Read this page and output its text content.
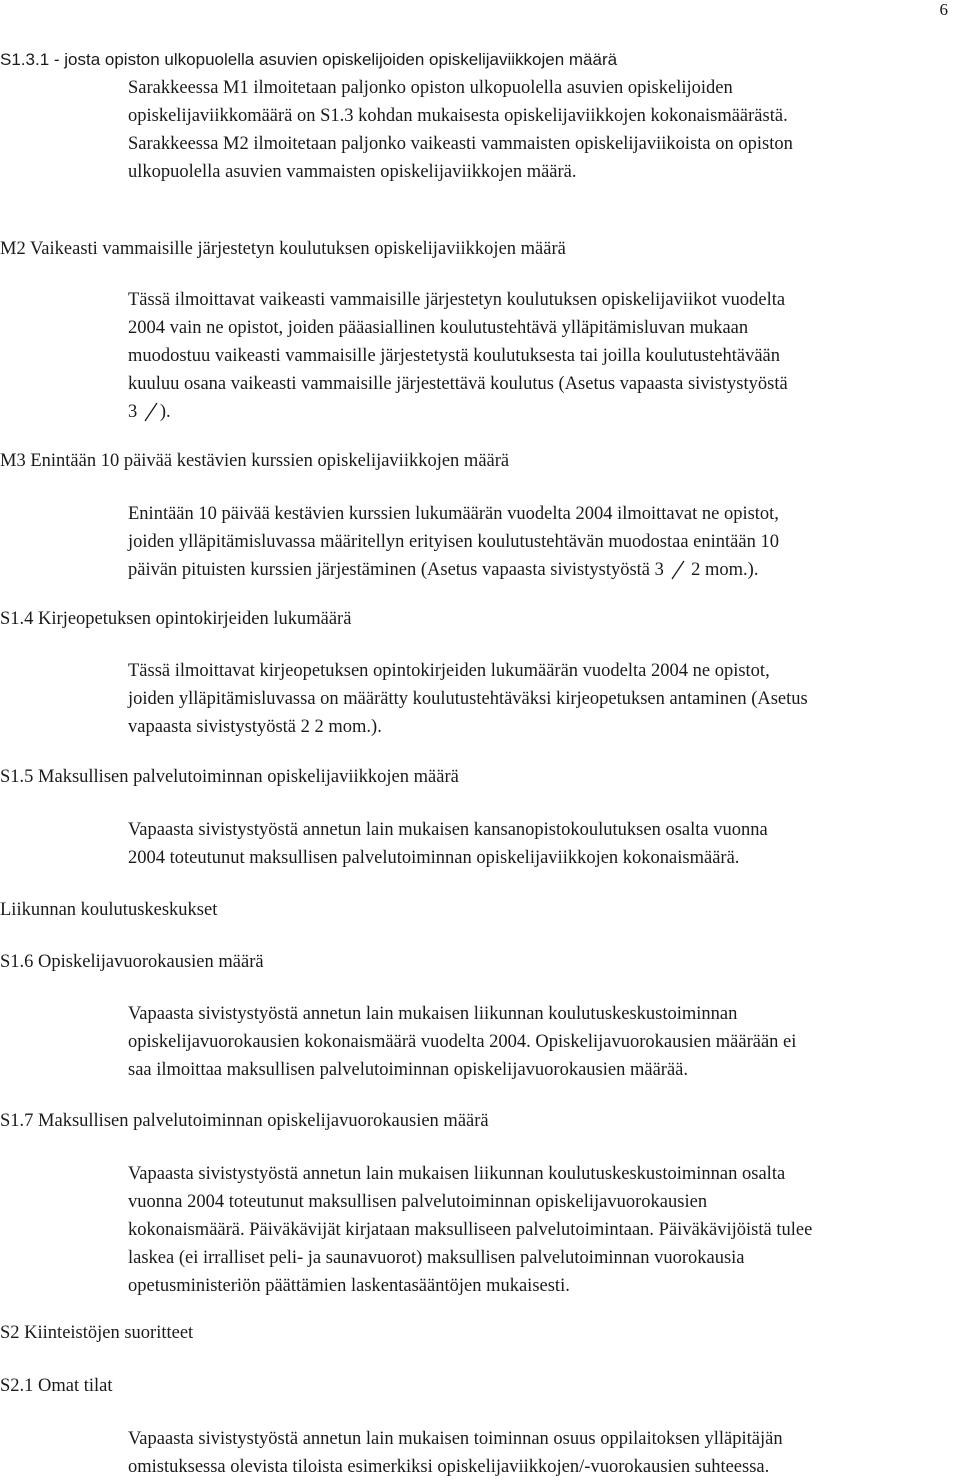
6
S1.3.1 - josta opiston ulkopuolella asuvien opiskelijoiden opiskelijaviikkojen määrä
Sarakkeessa M1 ilmoitetaan paljonko opiston ulkopuolella asuvien opiskelijoiden
opiskelijaviikkomäärä on S1.3 kohdan mukaisesta opiskelijaviikkojen kokonaismäärästä.
Sarakkeessa M2 ilmoitetaan paljonko vaikeasti vammaisten opiskelijaviikoista on opiston
ulkopuolella asuvien vammaisten opiskelijaviikkojen määrä.
M2 Vaikeasti vammaisille järjestetyn koulutuksen opiskelijaviikkojen määrä
Tässä ilmoittavat vaikeasti vammaisille järjestetyn koulutuksen opiskelijaviikot vuodelta
2004 vain ne opistot, joiden pääasiallinen koulutustehtävä ylläpitämisluvan mukaan
muodostuu vaikeasti vammaisille järjestetystä koulutuksesta tai joilla koulutustehtävään
kuuluu osana vaikeasti vammaisille järjestettävä koulutus (Asetus vapaasta sivistystyöstä
3 ).
M3 Enintään 10 päivää kestävien kurssien opiskelijaviikkojen määrä
Enintään 10 päivää kestävien kurssien lukumäärän vuodelta 2004 ilmoittavat ne opistot,
joiden ylläpitämisluvassa määritellyn erityisen koulutustehtävän muodostaa enintään 10
päivän pituisten kurssien järjestäminen (Asetus vapaasta sivistystyöstä 3 2 mom.).
S1.4 Kirjeopetuksen opintokirjeiden lukumäärä
Tässä ilmoittavat kirjeopetuksen opintokirjeiden lukumäärän vuodelta 2004 ne opistot,
joiden ylläpitämisluvassa on määrätty koulutustehtäväksi kirjeopetuksen antaminen (Asetus
vapaasta sivistystyöstä 2 2 mom.).
S1.5 Maksullisen palvelutoiminnan opiskelijaviikkojen määrä
Vapaasta sivistystyöstä annetun lain mukaisen kansanopistokoulutuksen osalta vuonna
2004 toteutunut maksullisen palvelutoiminnan opiskelijaviikkojen kokonaismäärä.
Liikunnan koulutuskeskukset
S1.6 Opiskelijavuorokausien määrä
Vapaasta sivistystyöstä annetun lain mukaisen liikunnan koulutuskeskustoiminnan
opiskelijavuorokausien kokonaismäärä vuodelta 2004. Opiskelijavuorokausien määrään ei
saa ilmoittaa maksullisen palvelutoiminnan opiskelijavuorokausien määrää.
S1.7 Maksullisen palvelutoiminnan opiskelijavuorokausien määrä
Vapaasta sivistystyöstä annetun lain mukaisen liikunnan koulutuskeskustoiminnan osalta
vuonna 2004 toteutunut maksullisen palvelutoiminnan opiskelijavuorokausien
kokonaismäärä. Päiväkävijät kirjataan maksulliseen palvelutoimintaan. Päiväkävijöistä tulee
laskea (ei irralliset peli- ja saunavuorot) maksullisen palvelutoiminnan vuorokausia
opetusministeriön päättämien laskentasääntöjen mukaisesti.
S2 Kiinteistöjen suoritteet
S2.1 Omat tilat
Vapaasta sivistystyöstä annetun lain mukaisen toiminnan osuus oppilaitoksen ylläpitäjän
omistuksessa olevista tiloista esimerkiksi opiskelijaviikkojen/-vuorokausien suhteessa.
